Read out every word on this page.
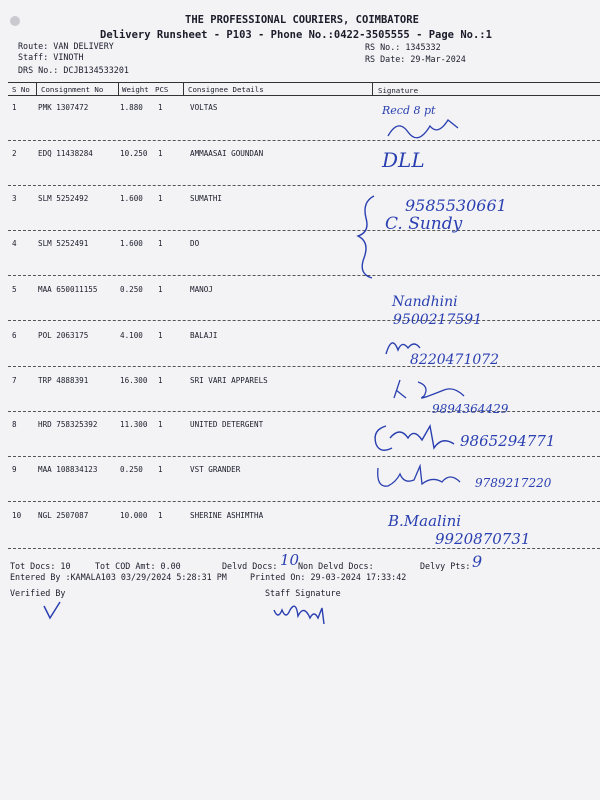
THE PROFESSIONAL COURIERS, COIMBATORE
Delivery Runsheet - P103 - Phone No.:0422-3505555 - Page No.:1
Route: VAN DELIVERY
Staff: VINOTH
DRS No.: DCJB134533201
RS No.: 1345332
RS Date: 29-Mar-2024
S No Consignment No	Weight PCS	Consignee Details	Signature
1	PMK 1307472	1.880 1	VOLTAS
2	EDQ 11438284	10.250 1	AMMAASAI GOUNDAN
3	SLM 5252492	1.600 1	SUMATHI
4	SLM 5252491	1.600 1	DO
5	MAA 650011155	0.250 1	MANOJ
6	POL 2063175	4.100 1	BALAJI
7	TRP 4888391	16.300 1	SRI VARI APPARELS
8	HRD 758325392	11.300 1	UNITED DETERGENT
9	MAA 108834123	0.250 1	VST GRANDER
10 NGL 2507087	10.000 1	SHERINE ASHIMTHA
Recd 8 pt
DLL
9585530661
C. Sundy
Nandhini
9500217591
8220471072
9894364429
9865294771
9789217220
B.Maalini
9920870731
Tot Docs: 10	Tot COD Amt: 0.00	Delvd Docs: 10
Non Delvd Docs:	Delvy Pts: 9
Entered By :KAMALA103 03/29/2024 5:28:31 PM	Printed On: 29-03-2024 17:33:42
Verified By	Staff Signature
